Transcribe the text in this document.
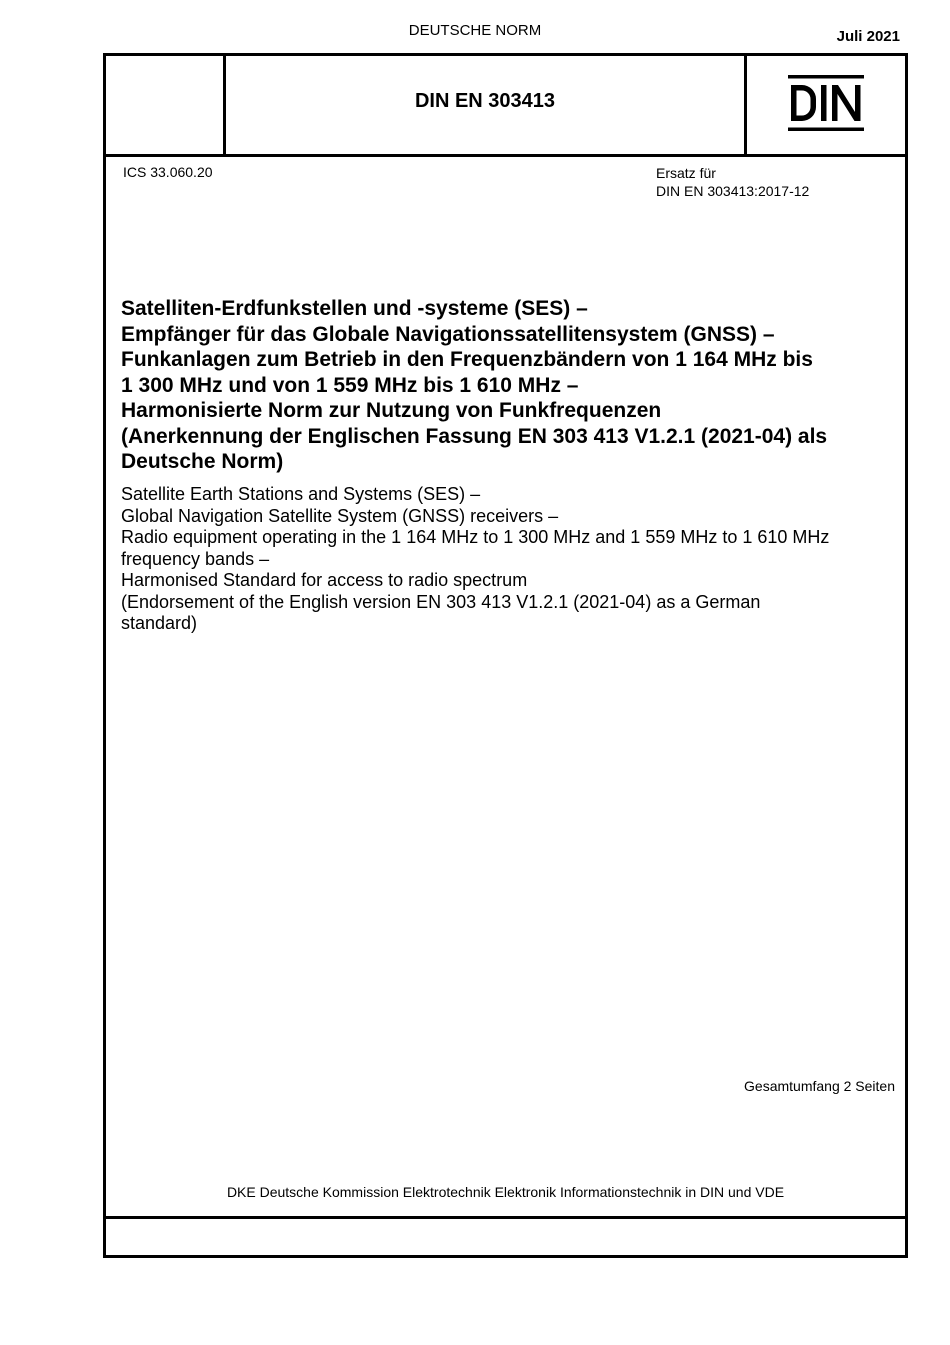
DEUTSCHE NORM	Juli 2021
DIN EN 303413
ICS 33.060.20	Ersatz für
DIN EN 303413:2017-12
Satelliten-Erdfunkstellen und -systeme (SES) –
Empfänger für das Globale Navigationssatellitensystem (GNSS) –
Funkanlagen zum Betrieb in den Frequenzbändern von 1 164 MHz bis
1 300 MHz und von 1 559 MHz bis 1 610 MHz –
Harmonisierte Norm zur Nutzung von Funkfrequenzen
(Anerkennung der Englischen Fassung EN 303 413 V1.2.1 (2021-04) als
Deutsche Norm)
Satellite Earth Stations and Systems (SES) –
Global Navigation Satellite System (GNSS) receivers –
Radio equipment operating in the 1 164 MHz to 1 300 MHz and 1 559 MHz to 1 610 MHz
frequency bands –
Harmonised Standard for access to radio spectrum
(Endorsement of the English version EN 303 413 V1.2.1 (2021-04) as a German
standard)
Gesamtumfang 2 Seiten
DKE Deutsche Kommission Elektrotechnik Elektronik Informationstechnik in DIN und VDE
